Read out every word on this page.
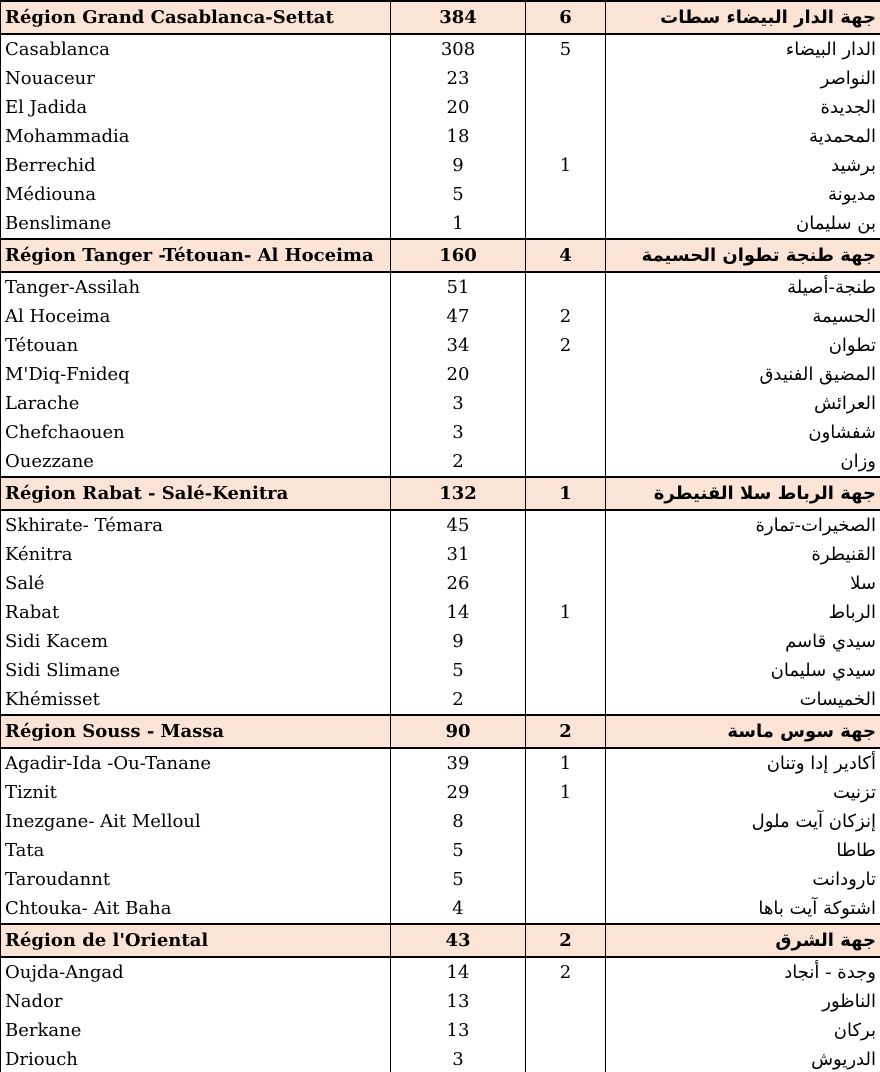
Région Grand Casablanca-Settat	384	6	جهة الدار البيضاء سطات
Casablanca	308	5	الدار البيضاء
Nouaceur	23		النواصر
El Jadida	20		الجديدة
Mohammadia	18		المحمدية
Berrechid	9	1	برشيد
Médiouna	5		مديونة
Benslimane	1		بن سليمان
Région Tanger -Tétouan- Al Hoceima	160	4	جهة طنجة تطوان الحسيمة
Tanger-Assilah	51		طنجة-أصيلة
Al Hoceima	47	2	الحسيمة
Tétouan	34	2	تطوان
M'Diq-Fnideq	20		المضيق الفنيدق
Larache	3		العرائش
Chefchaouen	3		شفشاون
Ouezzane	2		وزان
Région Rabat - Salé-Kenitra	132	1	جهة الرباط سلا القنيطرة
Skhirate- Témara	45		الصخيرات-تمارة
Kénitra	31		القنيطرة
Salé	26		سلا
Rabat	14	1	الرباط
Sidi Kacem	9		سيدي قاسم
Sidi Slimane	5		سيدي سليمان
Khémisset	2		الخميسات
Région Souss - Massa	90	2	جهة سوس ماسة
Agadir-Ida -Ou-Tanane	39	1	أكادير إدا وتنان
Tiznit	29	1	تزنيت
Inezgane- Ait Melloul	8		إنزكان آيت ملول
Tata	5		طاطا
Taroudannt	5		تارودانت
Chtouka- Ait Baha	4		اشتوكة آيت باها
Région de l'Oriental	43	2	جهة الشرق
Oujda-Angad	14	2	وجدة - أنجاد
Nador	13		الناظور
Berkane	13		بركان
Driouch	3		الدريوش
